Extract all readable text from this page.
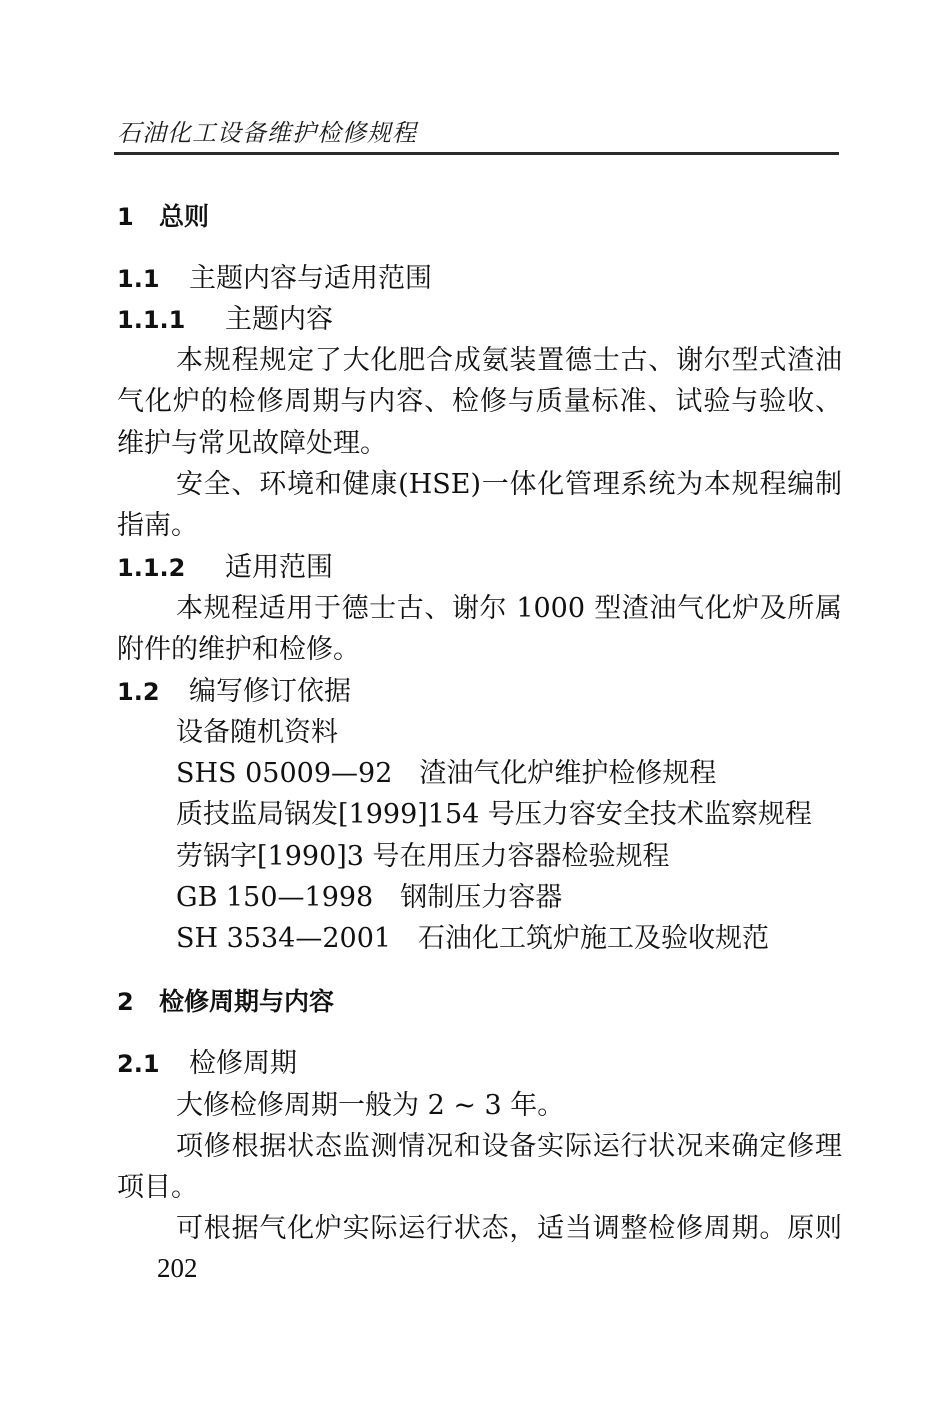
石油化工设备维护检修规程
1 总则
1.1 主题内容与适用范围
1.1.1 主题内容
本规程规定了大化肥合成氨装置德士古、谢尔型式渣油
气化炉的检修周期与内容、检修与质量标准、试验与验收、
维护与常见故障处理。
安全、环境和健康(HSE)一体化管理系统为本规程编制
指南。
1.1.2 适用范围
本规程适用于德士古、谢尔 1000 型渣油气化炉及所属
附件的维护和检修。
1.2 编写修订依据
设备随机资料
SHS 05009—92　渣油气化炉维护检修规程
质技监局锅发[1999]154 号压力容安全技术监察规程
劳锅字[1990]3 号在用压力容器检验规程
GB 150—1998　钢制压力容器
SH 3534—2001　石油化工筑炉施工及验收规范
2 检修周期与内容
2.1 检修周期
大修检修周期一般为 2 ~ 3 年。
项修根据状态监测情况和设备实际运行状况来确定修理
项目。
可根据气化炉实际运行状态，适当调整检修周期。原则
202
